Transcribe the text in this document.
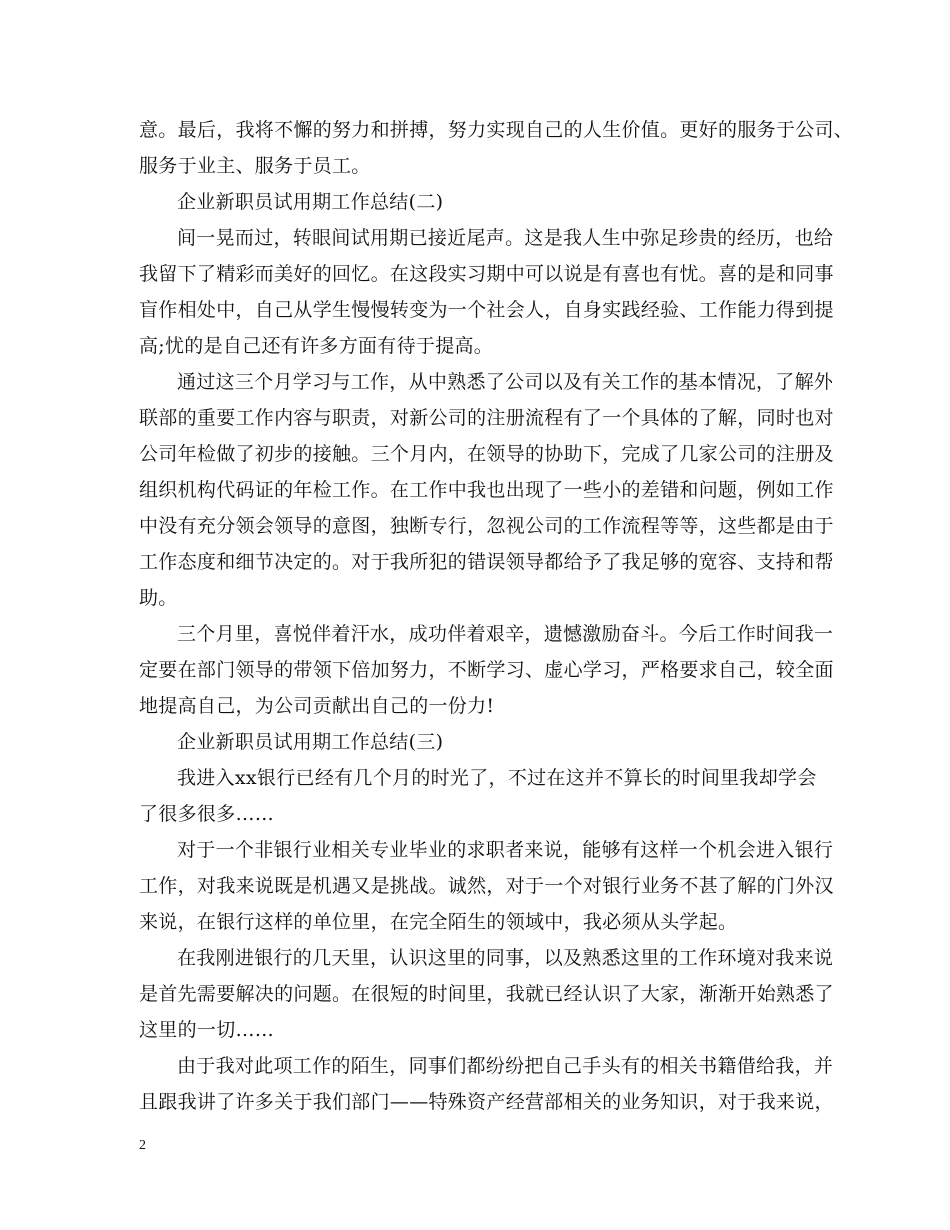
意。最后，我将不懈的努力和拼搏，努力实现自己的人生价值。更好的服务于公司、
服务于业主、服务于员工。
企业新职员试用期工作总结(二)
间一晃而过，转眼间试用期已接近尾声。这是我人生中弥足珍贵的经历，也给
我留下了精彩而美好的回忆。在这段实习期中可以说是有喜也有忧。喜的是和同事
盲作相处中，自己从学生慢慢转变为一个社会人，自身实践经验、工作能力得到提
高;忧的是自己还有许多方面有待于提高。
通过这三个月学习与工作，从中熟悉了公司以及有关工作的基本情况，了解外
联部的重要工作内容与职责，对新公司的注册流程有了一个具体的了解，同时也对
公司年检做了初步的接触。三个月内，在领导的协助下，完成了几家公司的注册及
组织机构代码证的年检工作。在工作中我也出现了一些小的差错和问题，例如工作
中没有充分领会领导的意图，独断专行，忽视公司的工作流程等等，这些都是由于
工作态度和细节决定的。对于我所犯的错误领导都给予了我足够的宽容、支持和帮
助。
三个月里，喜悦伴着汗水，成功伴着艰辛，遗憾激励奋斗。今后工作时间我一
定要在部门领导的带领下倍加努力，不断学习、虚心学习，严格要求自己，较全面
地提高自己，为公司贡献出自己的一份力!
企业新职员试用期工作总结(三)
我进入xx银行已经有几个月的时光了，不过在这并不算长的时间里我却学会
了很多很多……
对于一个非银行业相关专业毕业的求职者来说，能够有这样一个机会进入银行
工作，对我来说既是机遇又是挑战。诚然，对于一个对银行业务不甚了解的门外汉
来说，在银行这样的单位里，在完全陌生的领域中，我必须从头学起。
在我刚进银行的几天里，认识这里的同事，以及熟悉这里的工作环境对我来说
是首先需要解决的问题。在很短的时间里，我就已经认识了大家，渐渐开始熟悉了
这里的一切……
由于我对此项工作的陌生，同事们都纷纷把自己手头有的相关书籍借给我，并
且跟我讲了许多关于我们部门——特殊资产经营部相关的业务知识，对于我来说，
2
